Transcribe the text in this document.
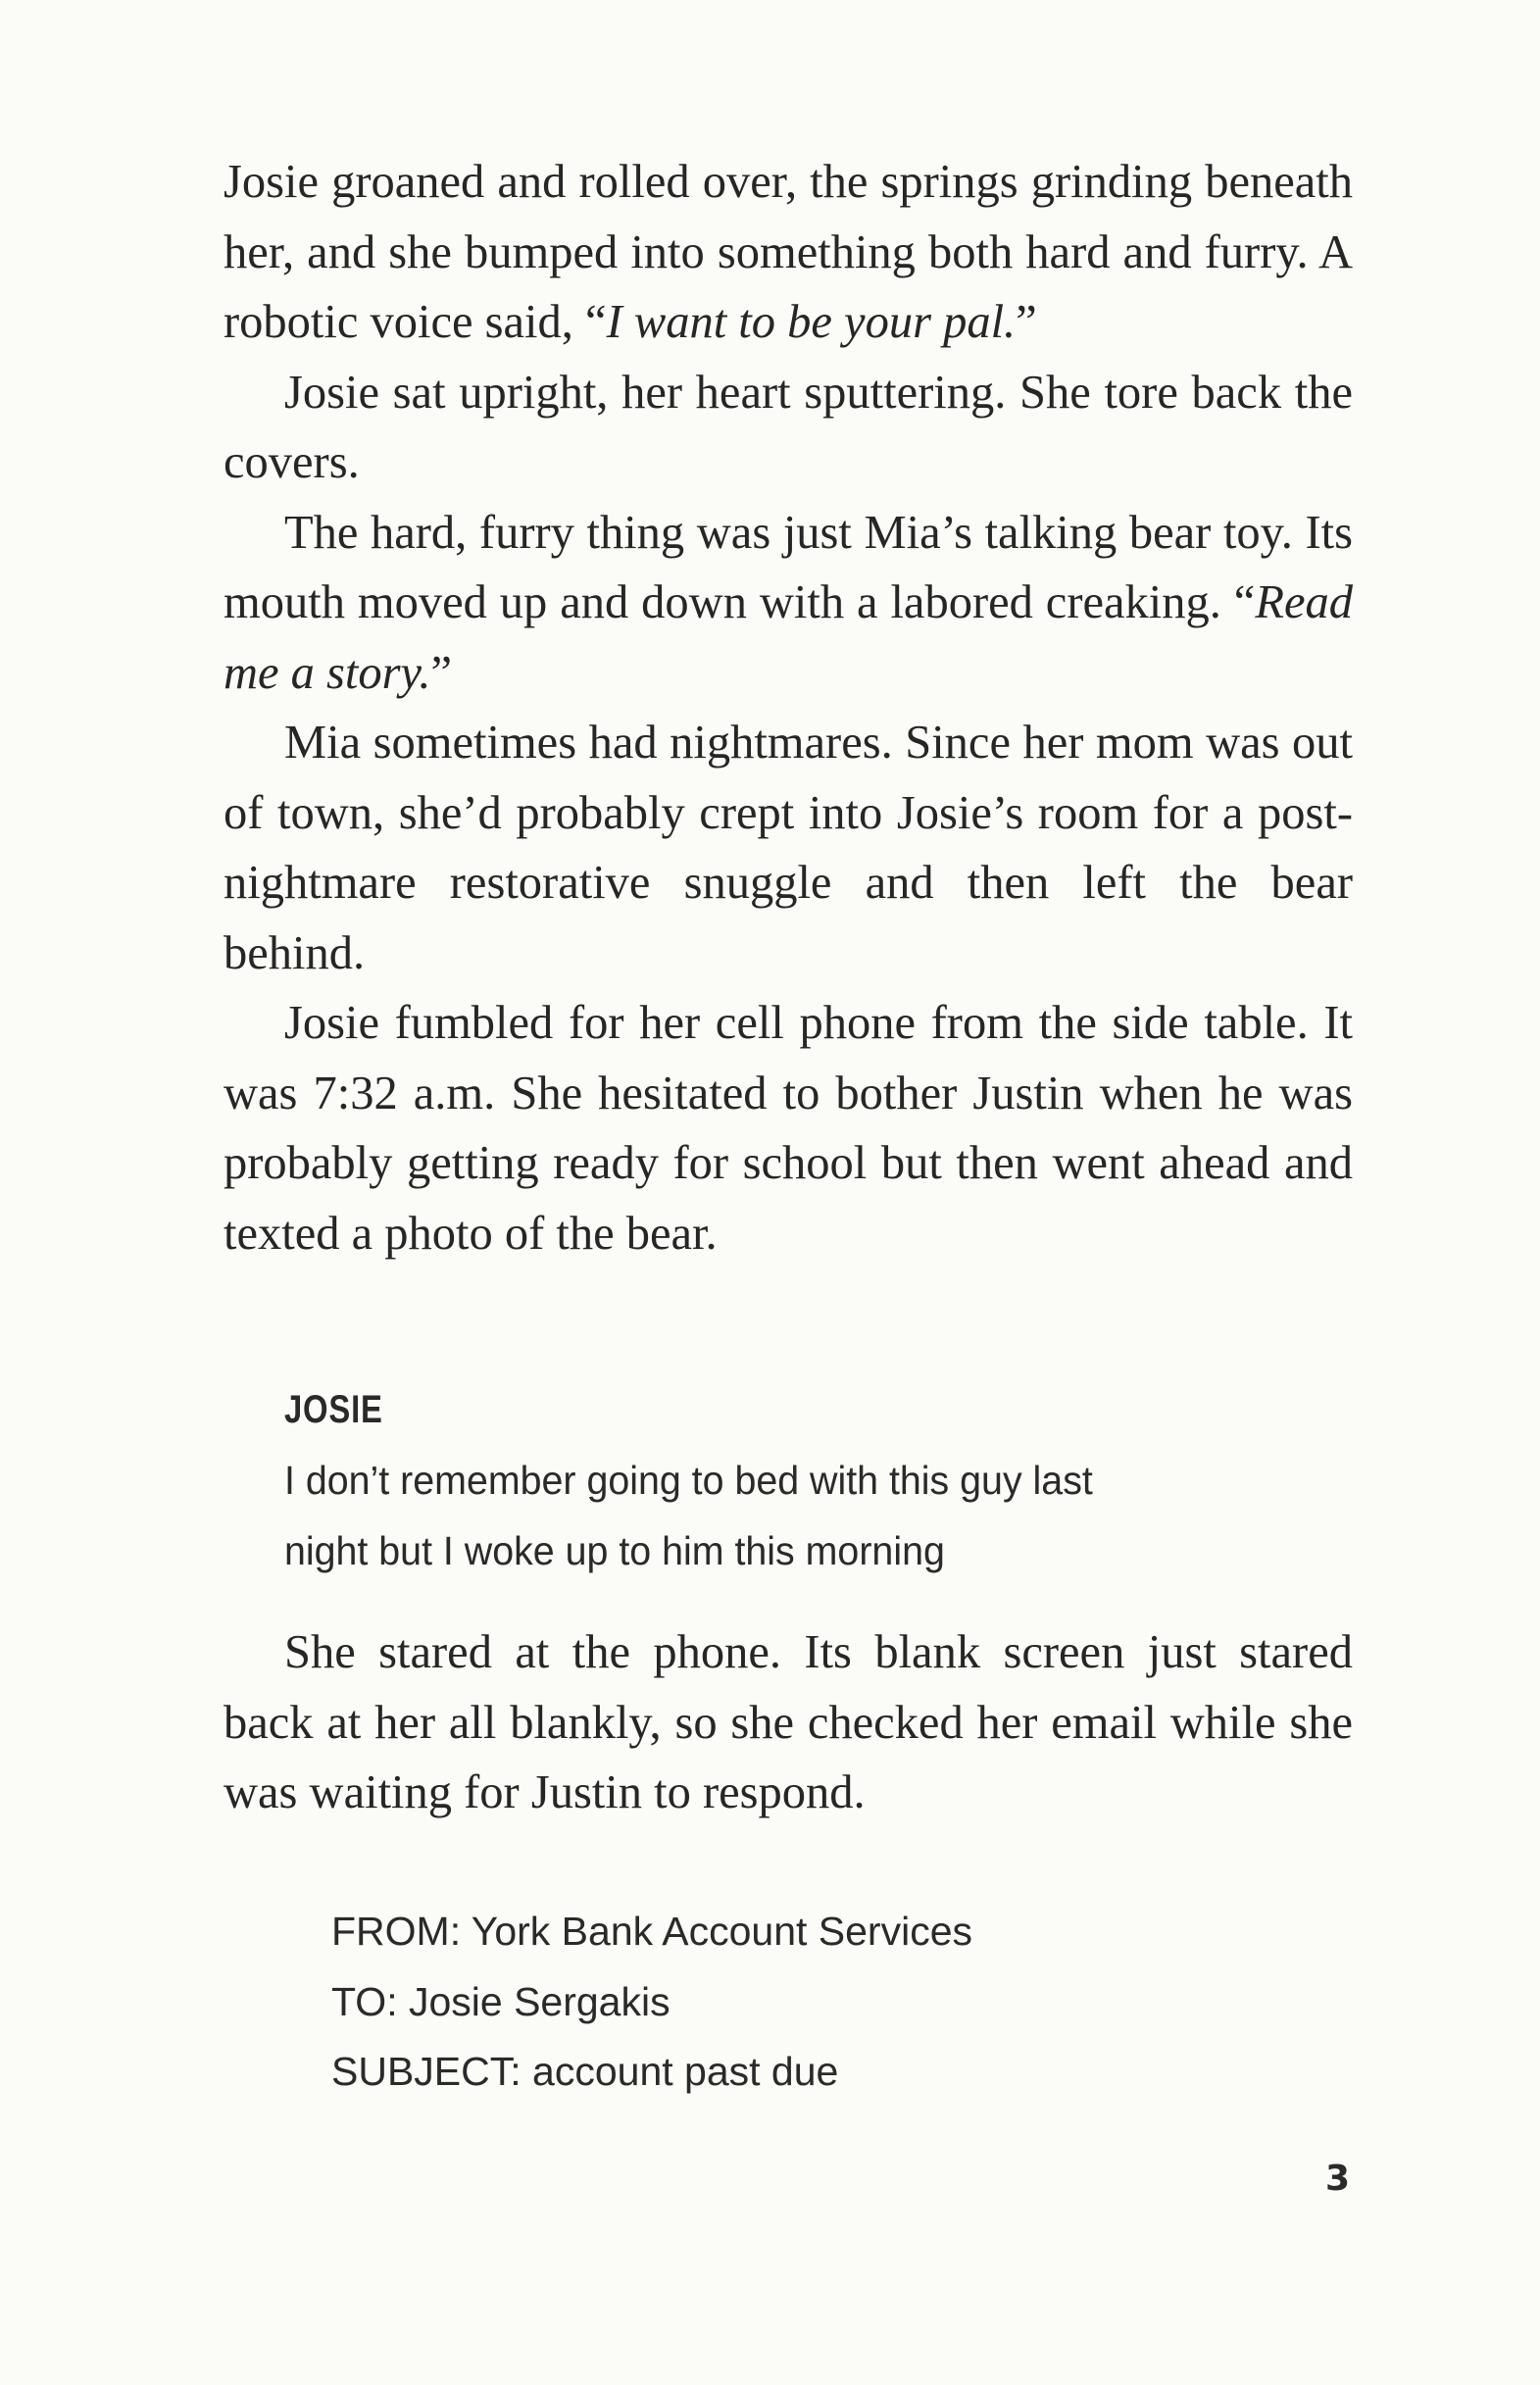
Josie groaned and rolled over, the springs grinding beneath her, and she bumped into something both hard and furry. A robotic voice said, “I want to be your pal.”

Josie sat upright, her heart sputtering. She tore back the covers.

The hard, furry thing was just Mia’s talking bear toy. Its mouth moved up and down with a labored creaking. “Read me a story.”

Mia sometimes had nightmares. Since her mom was out of town, she’d probably crept into Josie’s room for a post-nightmare restorative snuggle and then left the bear behind.

Josie fumbled for her cell phone from the side table. It was 7:32 a.m. She hesitated to bother Justin when he was probably getting ready for school but then went ahead and texted a photo of the bear.

JOSIE
I don’t remember going to bed with this guy last
night but I woke up to him this morning

She stared at the phone. Its blank screen just stared back at her all blankly, so she checked her email while she was waiting for Justin to respond.

FROM: York Bank Account Services
TO: Josie Sergakis
SUBJECT: account past due
3
